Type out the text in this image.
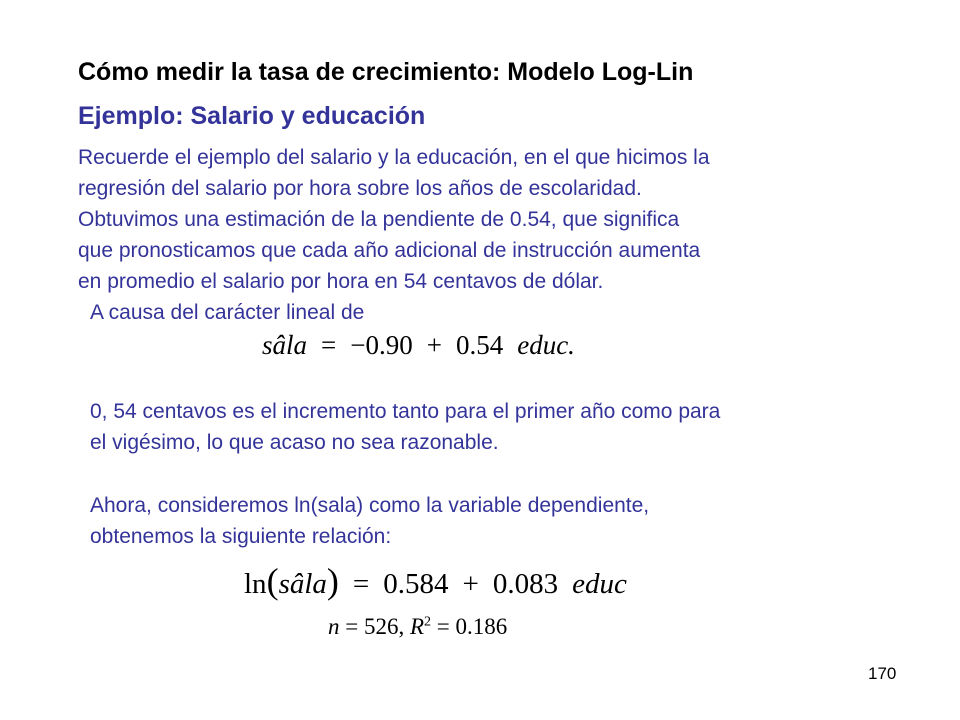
Cómo medir la tasa de crecimiento: Modelo Log-Lin
Ejemplo: Salario y educación
Recuerde el ejemplo del salario y la educación, en el que hicimos la
regresión del salario por hora sobre los años de escolaridad.
Obtuvimos una estimación de la pendiente de 0.54, que significa
que pronosticamos que cada año adicional de instrucción aumenta
en promedio el salario por hora en 54 centavos de dólar.
A causa del carácter lineal de
sâla = −0.90 + 0.54 educ.
0, 54 centavos es el incremento tanto para el primer año como para
el vigésimo, lo que acaso no sea razonable.
Ahora, consideremos ln(sala) como la variable dependiente,
obtenemos la siguiente relación:
ln(sâla) = 0.584 + 0.083 educ
n = 526, $R^2 = 0.186$
170
